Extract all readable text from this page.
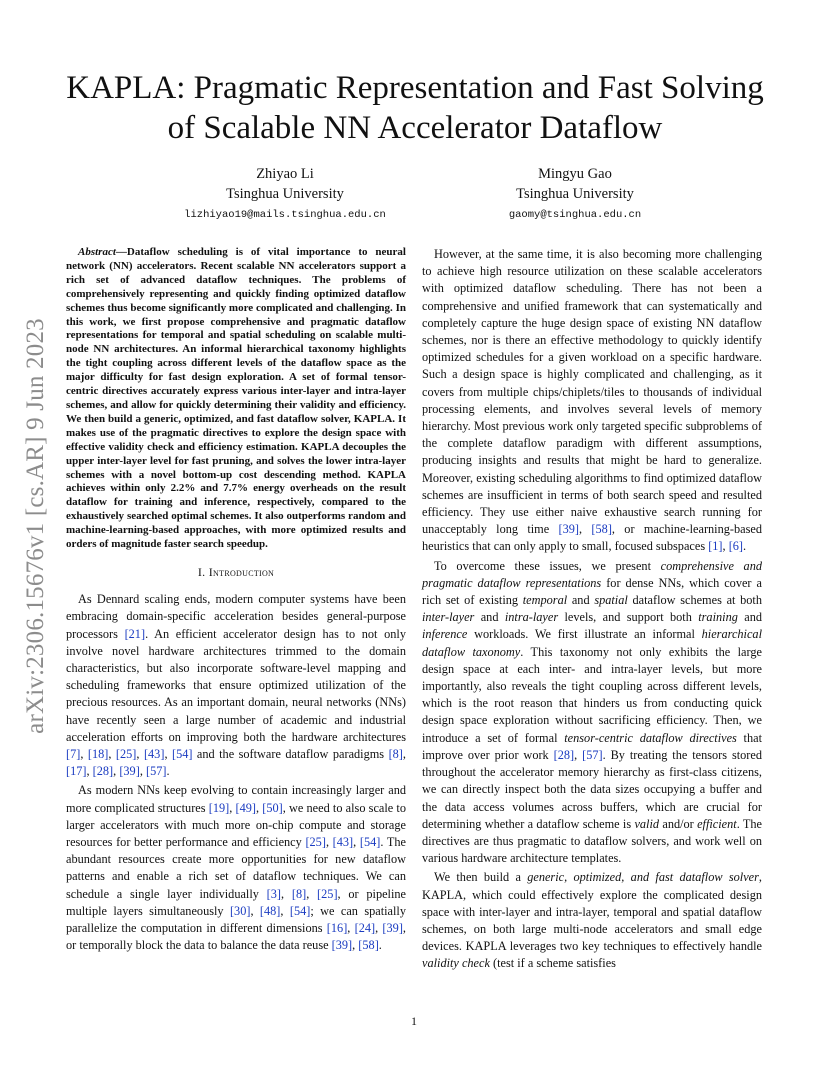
arXiv:2306.15676v1 [cs.AR] 9 Jun 2023
KAPLA: Pragmatic Representation and Fast Solving of Scalable NN Accelerator Dataflow
Zhiyao Li
Tsinghua University
lizhiyao19@mails.tsinghua.edu.cn
Mingyu Gao
Tsinghua University
gaomy@tsinghua.edu.cn

Abstract—Dataflow scheduling is of vital importance to neural network (NN) accelerators. Recent scalable NN accelerators support a rich set of advanced dataflow techniques. The problems of comprehensively representing and quickly finding optimized dataflow schemes thus become significantly more complicated and challenging. In this work, we first propose comprehensive and pragmatic dataflow representations for temporal and spatial scheduling on scalable multi-node NN architectures. An informal hierarchical taxonomy highlights the tight coupling across different levels of the dataflow space as the major difficulty for fast design exploration. A set of formal tensor-centric directives accurately express various inter-layer and intra-layer schemes, and allow for quickly determining their validity and efficiency. We then build a generic, optimized, and fast dataflow solver, KAPLA. It makes use of the pragmatic directives to explore the design space with effective validity check and efficiency estimation. KAPLA decouples the upper inter-layer level for fast pruning, and solves the lower intra-layer schemes with a novel bottom-up cost descending method. KAPLA achieves within only 2.2% and 7.7% energy overheads on the result dataflow for training and inference, respectively, compared to the exhaustively searched optimal schemes. It also outperforms random and machine-learning-based approaches, with more optimized results and orders of magnitude faster search speedup.

I. Introduction

As Dennard scaling ends, modern computer systems have been embracing domain-specific acceleration besides general-purpose processors [21]. An efficient accelerator design has to not only involve novel hardware architectures trimmed to the domain characteristics, but also incorporate software-level mapping and scheduling frameworks that ensure optimized utilization of the precious resources. As an important domain, neural networks (NNs) have recently seen a large number of academic and industrial acceleration efforts on improving both the hardware architectures [7], [18], [25], [43], [54] and the software dataflow paradigms [8], [17], [28], [39], [57].

As modern NNs keep evolving to contain increasingly larger and more complicated structures [19], [49], [50], we need to also scale to larger accelerators with much more on-chip compute and storage resources for better performance and efficiency [25], [43], [54]. The abundant resources create more opportunities for new dataflow patterns and enable a rich set of dataflow techniques. We can schedule a single layer individually [3], [8], [25], or pipeline multiple layers simultaneously [30], [48], [54]; we can spatially parallelize the computation in different dimensions [16], [24], [39], or temporally block the data to balance the data reuse [39], [58].

However, at the same time, it is also becoming more challenging to achieve high resource utilization on these scalable accelerators with optimized dataflow scheduling. There has not been a comprehensive and unified framework that can systematically and completely capture the huge design space of existing NN dataflow schemes, nor is there an effective methodology to quickly identify optimized schedules for a given workload on a specific hardware. Such a design space is highly complicated and challenging, as it covers from multiple chips/chiplets/tiles to thousands of individual processing elements, and involves several levels of memory hierarchy. Most previous work only targeted specific subproblems of the complete dataflow paradigm with different assumptions, producing insights and results that might be hard to generalize. Moreover, existing scheduling algorithms to find optimized dataflow schemes are insufficient in terms of both search speed and resulted efficiency. They use either naive exhaustive search running for unacceptably long time [39], [58], or machine-learning-based heuristics that can only apply to small, focused subspaces [1], [6].

To overcome these issues, we present comprehensive and pragmatic dataflow representations for dense NNs, which cover a rich set of existing temporal and spatial dataflow schemes at both inter-layer and intra-layer levels, and support both training and inference workloads. We first illustrate an informal hierarchical dataflow taxonomy. This taxonomy not only exhibits the large design space at each inter- and intra-layer levels, but more importantly, also reveals the tight coupling across different levels, which is the root reason that hinders us from conducting quick design space exploration without sacrificing efficiency. Then, we introduce a set of formal tensor-centric dataflow directives that improve over prior work [28], [57]. By treating the tensors stored throughout the accelerator memory hierarchy as first-class citizens, we can directly inspect both the data sizes occupying a buffer and the data access volumes across buffers, which are crucial for determining whether a dataflow scheme is valid and/or efficient. The directives are thus pragmatic to dataflow solvers, and work well on various hardware architecture templates.

We then build a generic, optimized, and fast dataflow solver, KAPLA, which could effectively explore the complicated design space with inter-layer and intra-layer, temporal and spatial dataflow schemes, on both large multi-node accelerators and small edge devices. KAPLA leverages two key techniques to effectively handle validity check (test if a scheme satisfies

1
